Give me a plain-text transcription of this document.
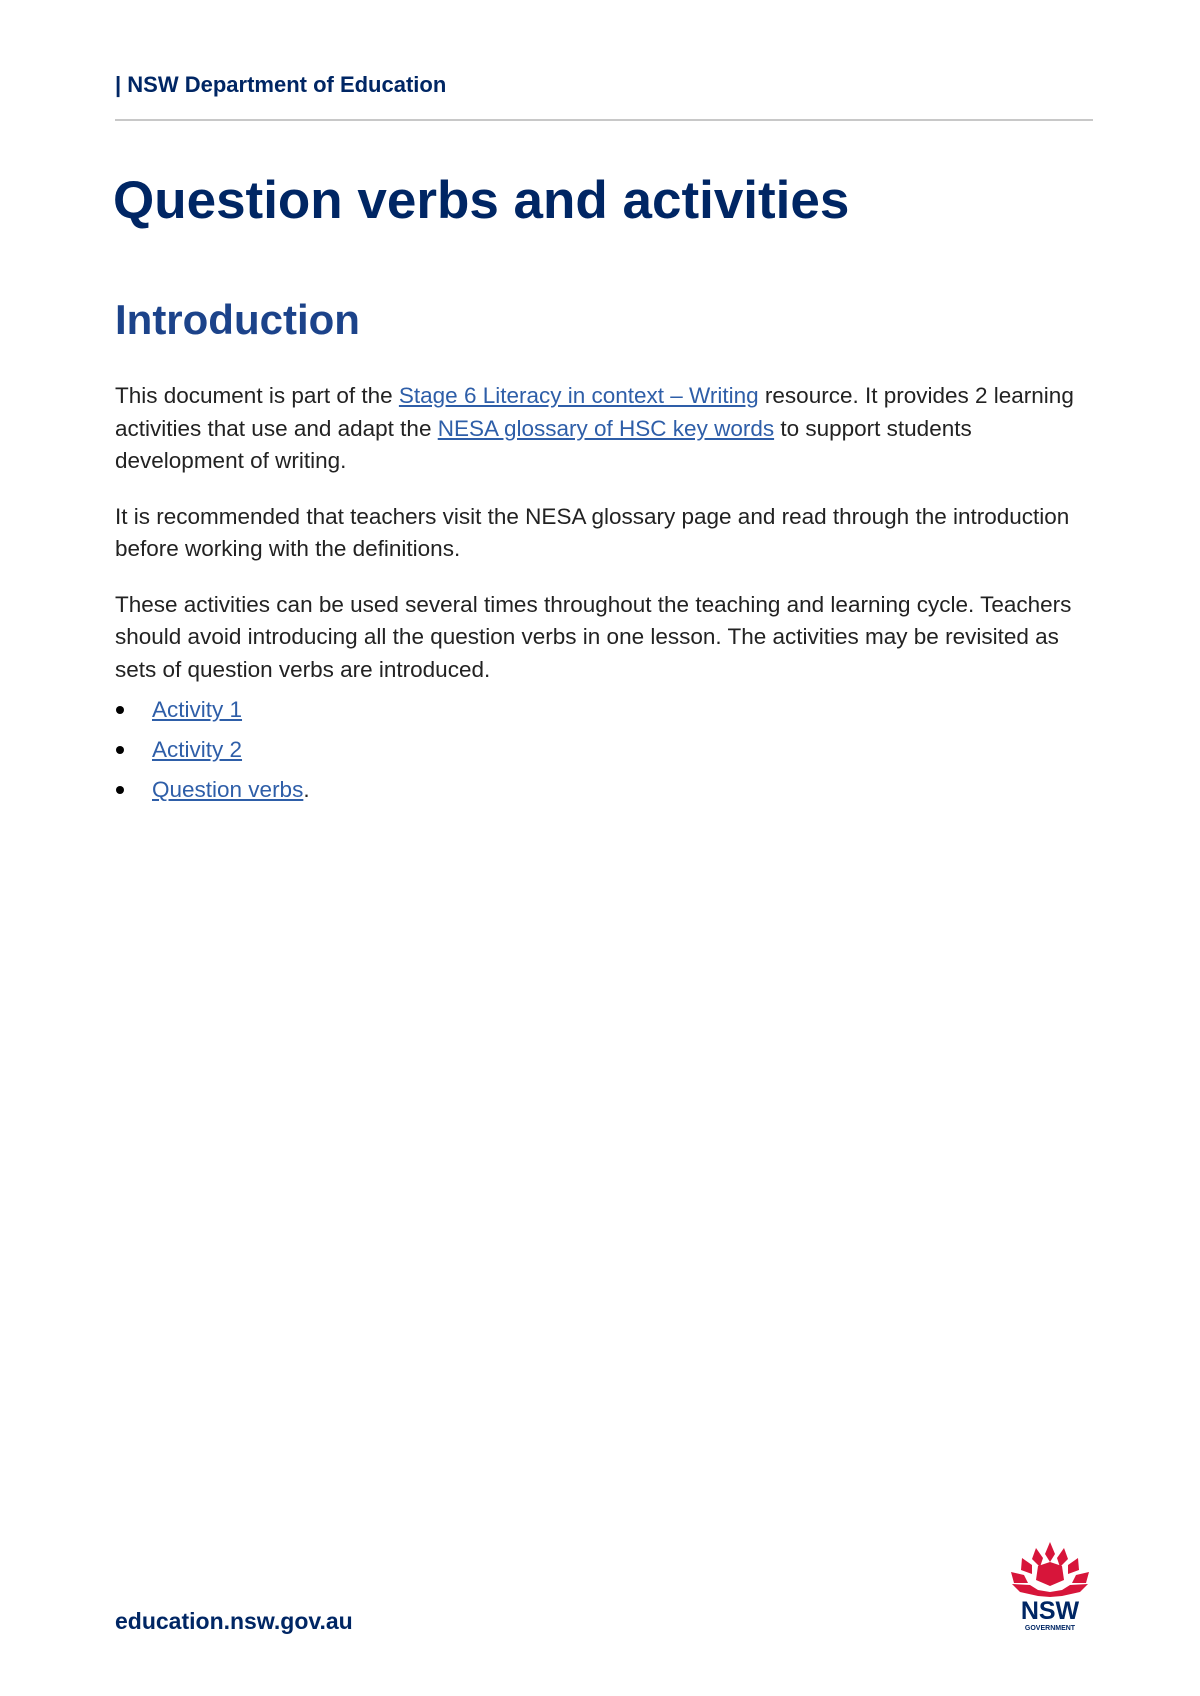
| NSW Department of Education
Question verbs and activities
Introduction

This document is part of the Stage 6 Literacy in context – Writing resource. It provides 2 learning activities that use and adapt the NESA glossary of HSC key words to support students development of writing.

It is recommended that teachers visit the NESA glossary page and read through the introduction before working with the definitions.

These activities can be used several times throughout the teaching and learning cycle. Teachers should avoid introducing all the question verbs in one lesson. The activities may be revisited as sets of question verbs are introduced.

Activity 1
Activity 2
Question verbs.
education.nsw.gov.au	NSW
GOVERNMENT
